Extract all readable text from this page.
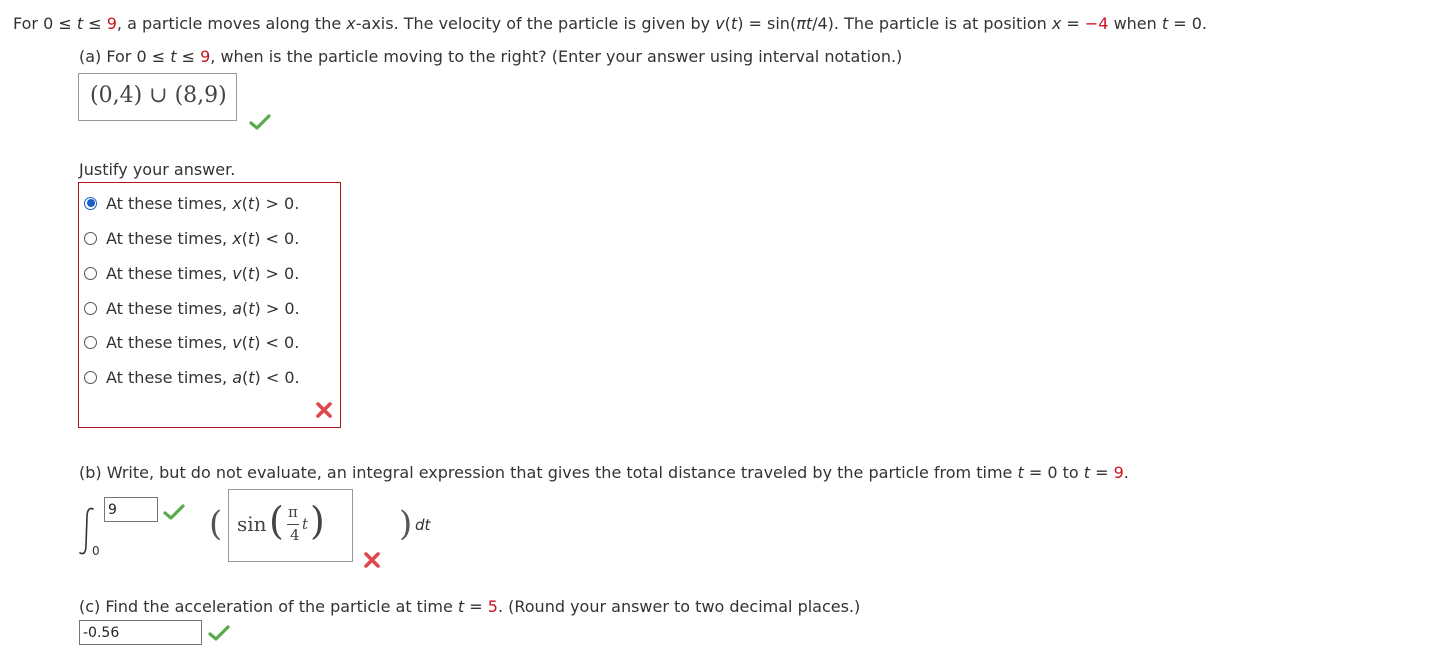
For 0 ≤ t ≤ 9, a particle moves along the x-axis. The velocity of the particle is given by v(t) = sin(πt/4). The particle is at position x = −4 when t = 0.
(a) For 0 ≤ t ≤ 9, when is the particle moving to the right? (Enter your answer using interval notation.)
(0,4) ∪ (8,9)
Justify your answer.
At these times, x(t) > 0.
At these times, x(t) < 0.
At these times, v(t) > 0.
At these times, a(t) > 0.
At these times, v(t) < 0.
At these times, a(t) < 0.
(b) Write, but do not evaluate, an integral expression that gives the total distance traveled by the particle from time t = 0 to t = 9.
9
0
( sin ( π
4
t ) ) dt
(c) Find the acceleration of the particle at time t = 5. (Round your answer to two decimal places.)
-0.56
